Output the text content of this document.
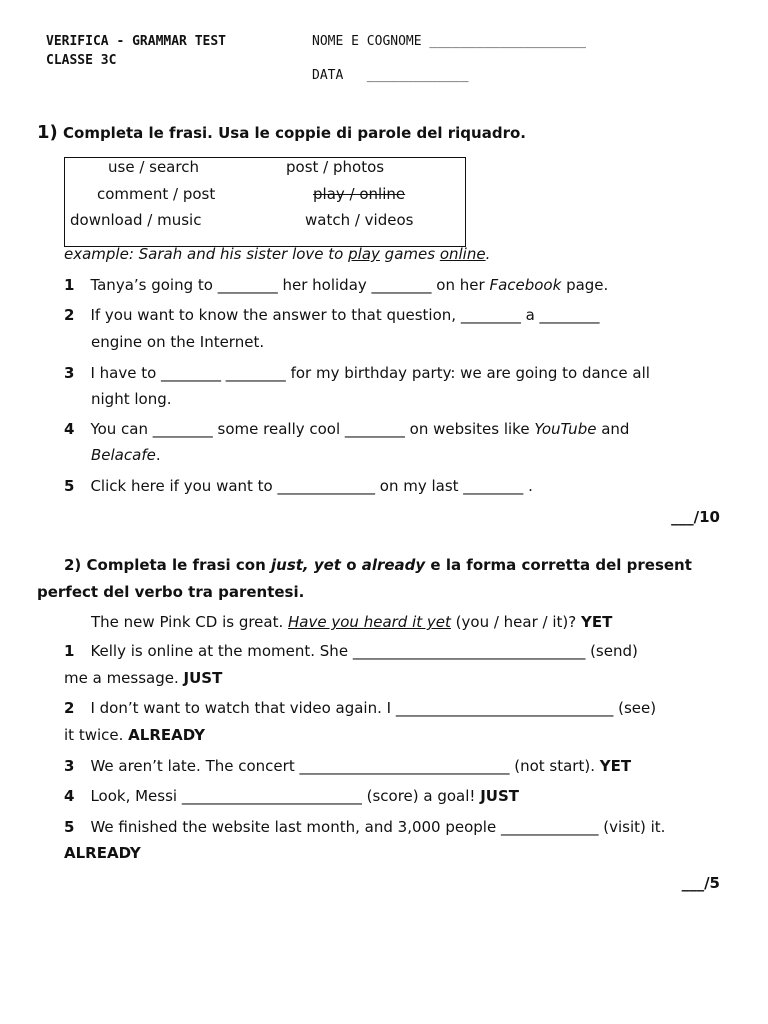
VERIFICA - GRAMMAR TEST
CLASSE 3C
NOME E COGNOME ____________________
DATA _____________
1) Completa le frasi. Usa le coppie di parole del riquadro.
use / search	post / photos
comment / post	play / online
download / music	watch / videos
example: Sarah and his sister love to play games online.
1 Tanya’s going to ________ her holiday ________ on her Facebook page.
2 If you want to know the answer to that question, ________ a ________
engine on the Internet.
3 I have to ________ ________ for my birthday party: we are going to dance all
night long.
4 You can ________ some really cool ________ on websites like YouTube and
Belacafe.
5 Click here if you want to _____________ on my last ________ .
___/10
2) Completa le frasi con just, yet o already e la forma corretta del present
perfect del verbo tra parentesi.
The new Pink CD is great. Have you heard it yet (you / hear / it)? YET
1 Kelly is online at the moment. She _______________________________ (send)
me a message. JUST
2 I don’t want to watch that video again. I _____________________________ (see)
it twice. ALREADY
3 We aren’t late. The concert ____________________________ (not start). YET
4 Look, Messi ________________________ (score) a goal! JUST
5 We finished the website last month, and 3,000 people _____________ (visit) it.
ALREADY
___/5
